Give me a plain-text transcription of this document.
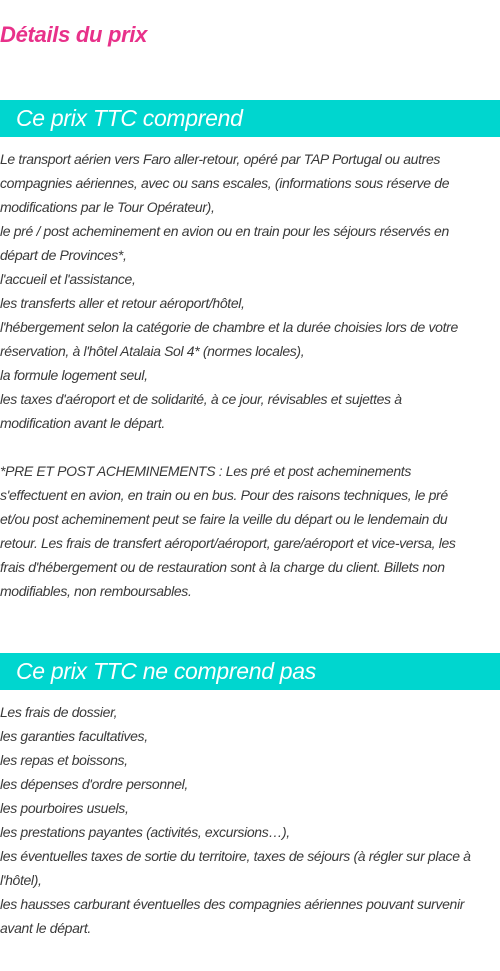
Détails du prix
Ce prix TTC comprend
Le transport aérien vers Faro aller-retour, opéré par TAP Portugal ou autres
compagnies aériennes, avec ou sans escales, (informations sous réserve de
modifications par le Tour Opérateur),
le pré / post acheminement en avion ou en train pour les séjours réservés en
départ de Provinces*,
l'accueil et l'assistance,
les transferts aller et retour aéroport/hôtel,
l'hébergement selon la catégorie de chambre et la durée choisies lors de votre
réservation, à l'hôtel Atalaia Sol 4* (normes locales),
la formule logement seul,
les taxes d'aéroport et de solidarité, à ce jour, révisables et sujettes à
modification avant le départ.
*PRE ET POST ACHEMINEMENTS : Les pré et post acheminements
s'effectuent en avion, en train ou en bus. Pour des raisons techniques, le pré
et/ou post acheminement peut se faire la veille du départ ou le lendemain du
retour. Les frais de transfert aéroport/aéroport, gare/aéroport et vice-versa, les
frais d'hébergement ou de restauration sont à la charge du client. Billets non
modifiables, non remboursables.
Ce prix TTC ne comprend pas
Les frais de dossier,
les garanties facultatives,
les repas et boissons,
les dépenses d'ordre personnel,
les pourboires usuels,
les prestations payantes (activités, excursions…),
les éventuelles taxes de sortie du territoire, taxes de séjours (à régler sur place à
l'hôtel),
les hausses carburant éventuelles des compagnies aériennes pouvant survenir
avant le départ.
